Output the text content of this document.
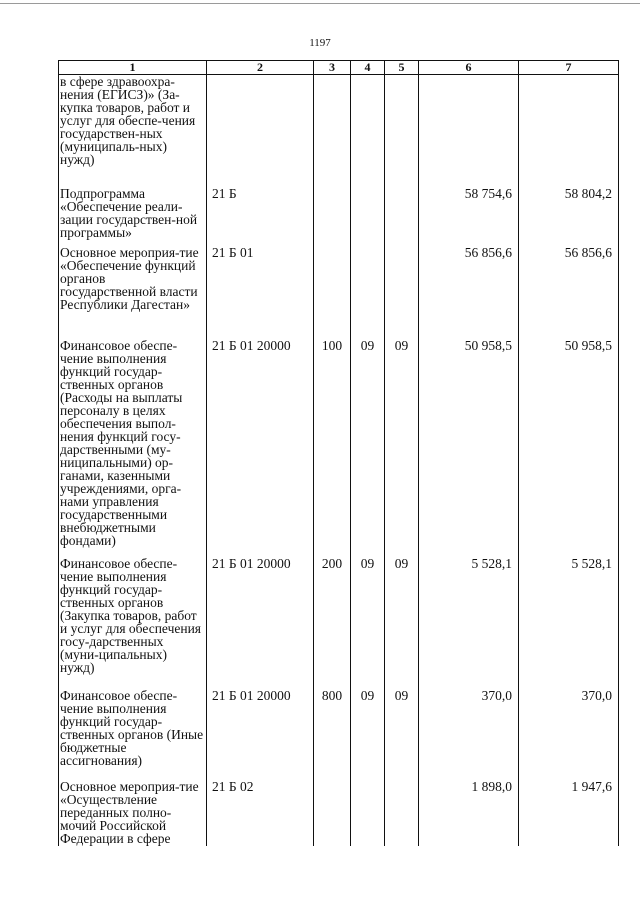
1197
1	2	3	4	5	6	7
в сфере здравоохра-нения (ЕГИСЗ)» (За-купка товаров, работ и услуг для обеспе-чения государствен-ных (муниципаль-ных) нужд)						
Подпрограмма «Обеспечение реали-зации государствен-ной программы»	21 Б				58 754,6	58 804,2
Основное мероприя-тие «Обеспечение функций органов государственной власти Республики Дагестан»	21 Б 01				56 856,6	56 856,6
Финансовое обеспе-чение выполнения функций государ-ственных органов (Расходы на выплаты персоналу в целях обеспечения выпол-нения функций госу-дарственными (му-ниципальными) ор-ганами, казенными учреждениями, орга-нами управления государственными внебюджетными фондами)	21 Б 01 20000	100	09	09	50 958,5	50 958,5
Финансовое обеспе-чение выполнения функций государ-ственных органов (Закупка товаров, работ и услуг для обеспечения госу-дарственных (муни-ципальных) нужд)	21 Б 01 20000	200	09	09	5 528,1	5 528,1
Финансовое обеспе-чение выполнения функций государ-ственных органов (Иные бюджетные ассигнования)	21 Б 01 20000	800	09	09	370,0	370,0
Основное мероприя-тие «Осуществление переданных полно-мочий Российской Федерации в сфере	21 Б 02				1 898,0	1 947,6
